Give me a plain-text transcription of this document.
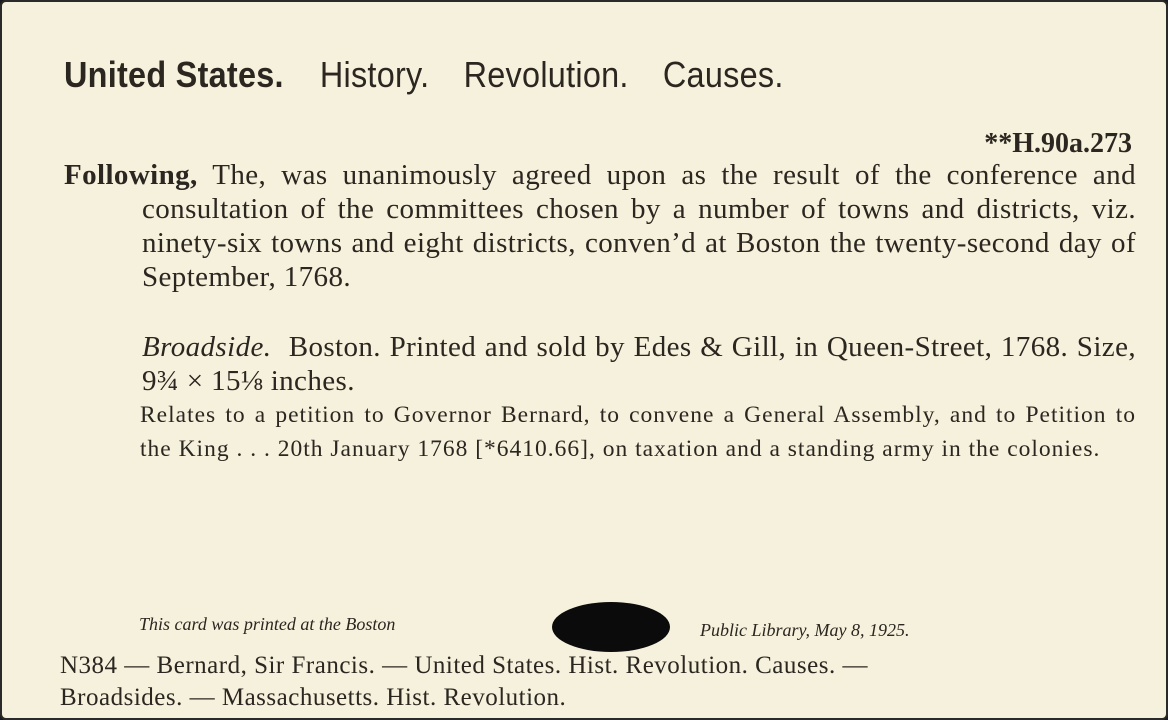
United States. History. Revolution. Causes.
**H.90a.273
Following, The, was unanimously agreed upon as the result of the conference and consultation of the committees chosen by a number of towns and districts, viz. ninety-six towns and eight districts, conven’d at Boston the twenty-second day of September, 1768.
Broadside. Boston. Printed and sold by Edes & Gill, in Queen-Street, 1768. Size, 9¾ × 15⅛ inches.
Relates to a petition to Governor Bernard, to convene a General Assembly, and to Petition to the King . . . 20th January 1768 [*6410.66], on taxation and a standing army in the colonies.
This card was printed at the Boston	Public Library, May 8, 1925.
N384 — Bernard, Sir Francis. — United States. Hist. Revolution. Causes. —
Broadsides. — Massachusetts. Hist. Revolution.
